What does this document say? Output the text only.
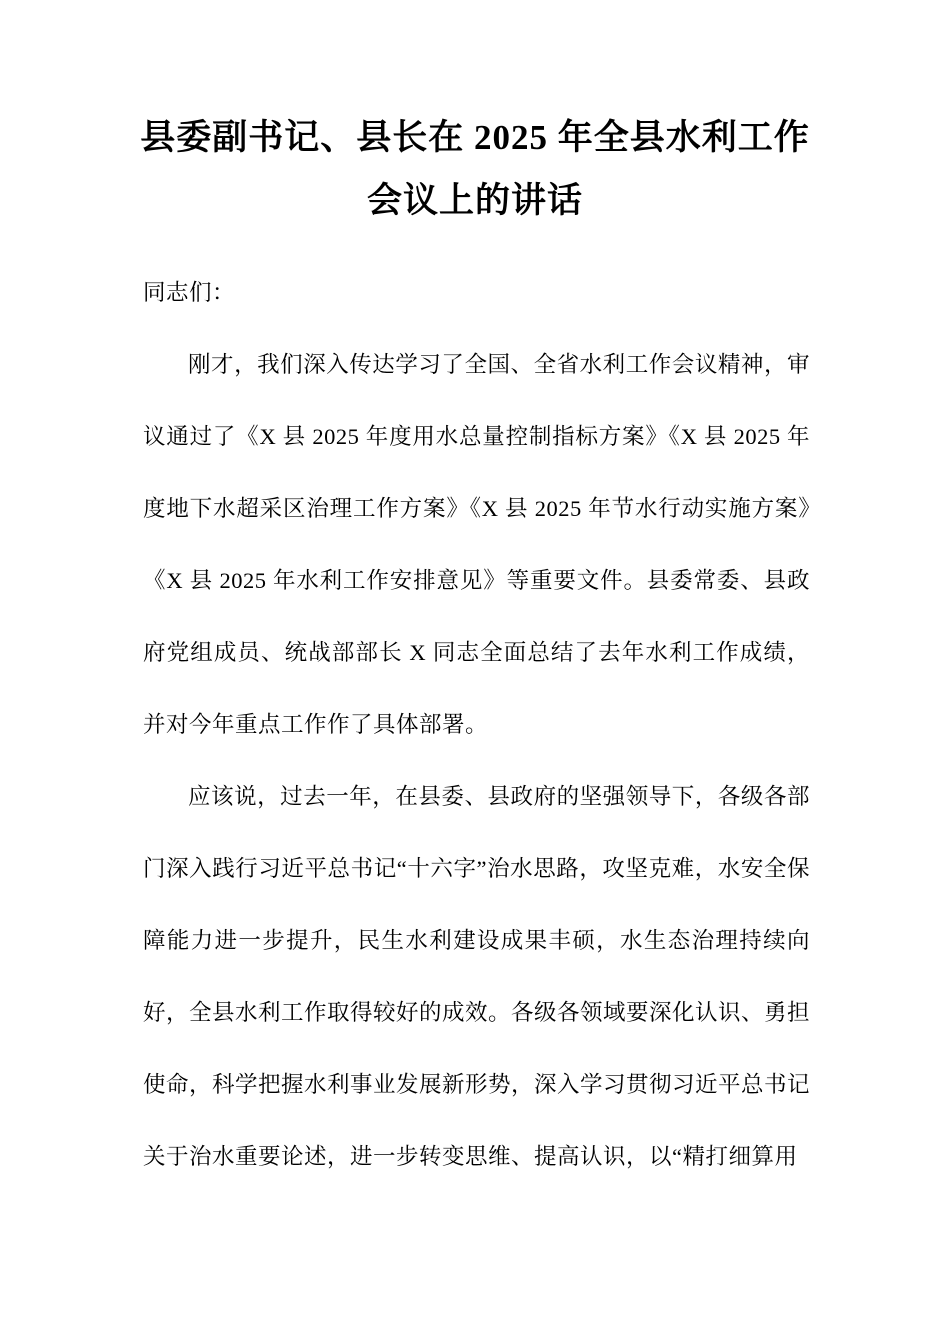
县委副书记、县长在 2025 年全县水利工作
会议上的讲话

同志们：

刚才，我们深入传达学习了全国、全省水利工作会议精神，审议通过了《X 县 2025 年度用水总量控制指标方案》《X 县 2025 年度地下水超采区治理工作方案》《X 县 2025 年节水行动实施方案》《X 县 2025 年水利工作安排意见》等重要文件。县委常委、县政府党组成员、统战部部长 X 同志全面总结了去年水利工作成绩，并对今年重点工作作了具体部署。

应该说，过去一年，在县委、县政府的坚强领导下，各级各部门深入践行习近平总书记“十六字”治水思路，攻坚克难，水安全保障能力进一步提升，民生水利建设成果丰硕，水生态治理持续向好，全县水利工作取得较好的成效。各级各领域要深化认识、勇担使命，科学把握水利事业发展新形势，深入学习贯彻习近平总书记关于治水重要论述，进一步转变思维、提高认识，以“精打细算用
